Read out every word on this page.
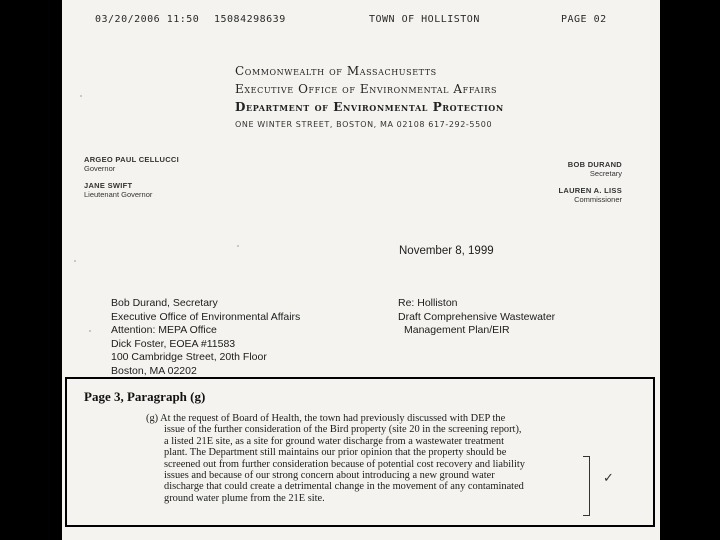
03/20/2006 11:50 15084298639	TOWN OF HOLLISTON	PAGE 02
Commonwealth of Massachusetts
Executive Office of Environmental Affairs
Department of Environmental Protection
ONE WINTER STREET, BOSTON, MA 02108 617-292-5500
ARGEO PAUL CELLUCCI
Governor
JANE SWIFT
Lieutenant Governor
BOB DURAND
Secretary
LAUREN A. LISS
Commissioner
November 8, 1999
Bob Durand, Secretary
Executive Office of Environmental Affairs
Attention: MEPA Office
Dick Foster, EOEA #11583
100 Cambridge Street, 20th Floor
Boston, MA 02202
Re: Holliston
Draft Comprehensive Wastewater
Management Plan/EIR
Page 3, Paragraph (g)
(g) At the request of Board of Health, the town had previously discussed with DEP the
issue of the further consideration of the Bird property (site 20 in the screening report),
a listed 21E site, as a site for ground water discharge from a wastewater treatment
plant. The Department still maintains our prior opinion that the property should be
screened out from further consideration because of potential cost recovery and liability
issues and because of our strong concern about introducing a new ground water
discharge that could create a detrimental change in the movement of any contaminated
ground water plume from the 21E site.
✓
